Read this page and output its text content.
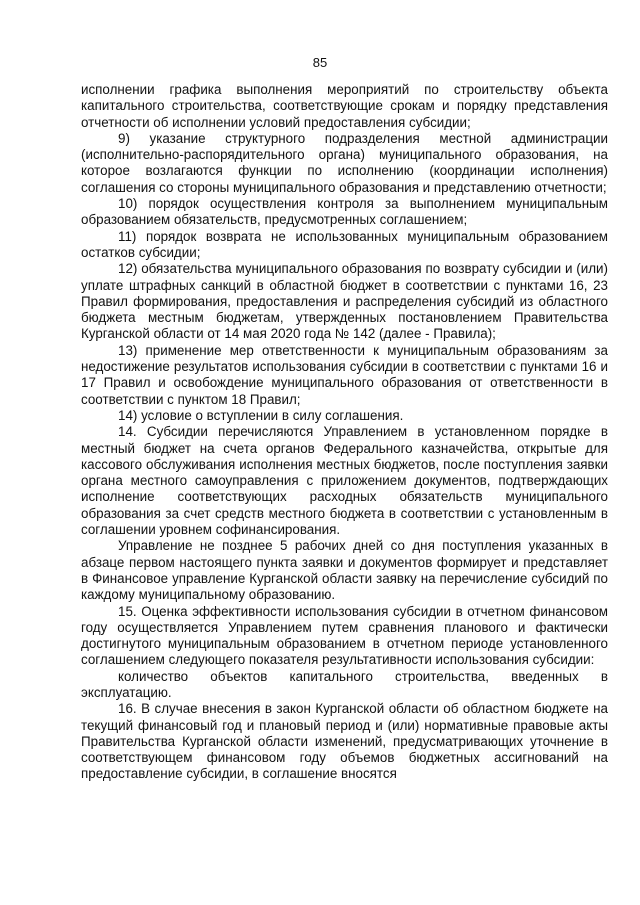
85

исполнении графика выполнения мероприятий по строительству объекта капитального строительства, соответствующие срокам и порядку представления отчетности об исполнении условий предоставления субсидии;

9) указание структурного подразделения местной администрации (исполнительно-распорядительного органа) муниципального образования, на которое возлагаются функции по исполнению (координации исполнения) соглашения со стороны муниципального образования и представлению отчетности;

10) порядок осуществления контроля за выполнением муниципальным образованием обязательств, предусмотренных соглашением;

11) порядок возврата не использованных муниципальным образованием остатков субсидии;

12) обязательства муниципального образования по возврату субсидии и (или) уплате штрафных санкций в областной бюджет в соответствии с пунктами 16, 23 Правил формирования, предоставления и распределения субсидий из областного бюджета местным бюджетам, утвержденных постановлением Правительства Курганской области от 14 мая 2020 года № 142 (далее - Правила);

13) применение мер ответственности к муниципальным образованиям за недостижение результатов использования субсидии в соответствии с пунктами 16 и 17 Правил и освобождение муниципального образования от ответственности в соответствии с пунктом 18 Правил;

14) условие о вступлении в силу соглашения.

14. Субсидии перечисляются Управлением в установленном порядке в местный бюджет на счета органов Федерального казначейства, открытые для кассового обслуживания исполнения местных бюджетов, после поступления заявки органа местного самоуправления с приложением документов, подтверждающих исполнение соответствующих расходных обязательств муниципального образования за счет средств местного бюджета в соответствии с установленным в соглашении уровнем софинансирования.

Управление не позднее 5 рабочих дней со дня поступления указанных в абзаце первом настоящего пункта заявки и документов формирует и представляет в Финансовое управление Курганской области заявку на перечисление субсидий по каждому муниципальному образованию.

15. Оценка эффективности использования субсидии в отчетном финансовом году осуществляется Управлением путем сравнения планового и фактически достигнутого муниципальным образованием в отчетном периоде установленного соглашением следующего показателя результативности использования субсидии:

количество объектов капитального строительства, введенных в эксплуатацию.

16. В случае внесения в закон Курганской области об областном бюджете на текущий финансовый год и плановый период и (или) нормативные правовые акты Правительства Курганской области изменений, предусматривающих уточнение в соответствующем финансовом году объемов бюджетных ассигнований на предоставление субсидии, в соглашение вносятся
